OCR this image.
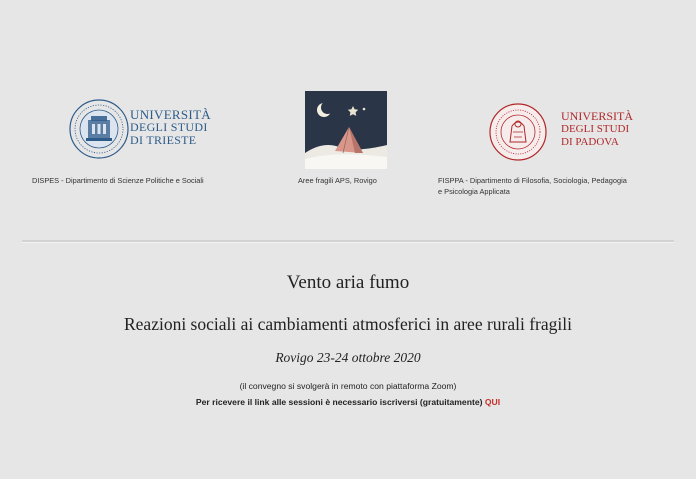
UNIVERSITÀ
DEGLI STUDI
DI TRIESTE
DISPES - Dipartimento di Scienze Politiche e Sociali	Aree fragili APS, Rovigo
UNIVERSITÀ
DEGLI STUDI
DI PADOVA
FISPPA - Dipartimento di Filosofia, Sociologia, Pedagogia
e Psicologia Applicata
Vento aria fumo
Reazioni sociali ai cambiamenti atmosferici in aree rurali fragili
Rovigo 23-24 ottobre 2020
(il convegno si svolgerà in remoto con piattaforma Zoom)
Per ricevere il link alle sessioni è necessario iscriversi (gratuitamente) QUI
